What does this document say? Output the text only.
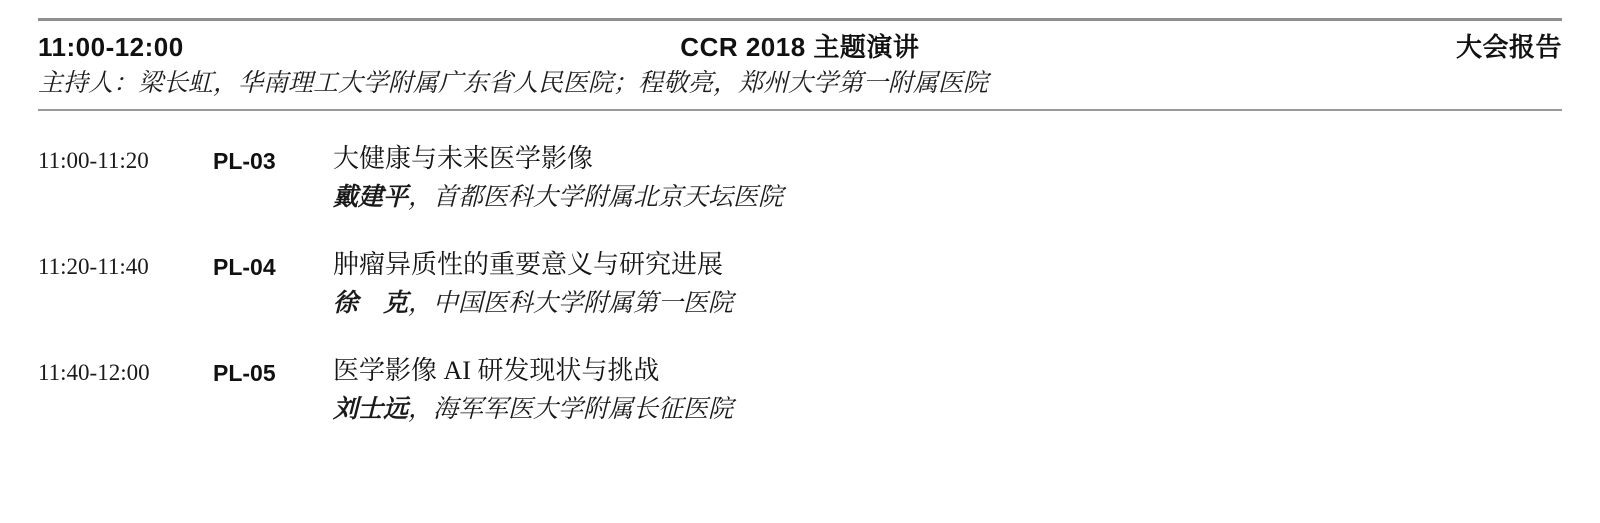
11:00-12:00	CCR 2018 主题演讲	大会报告
主持人：梁长虹，华南理工大学附属广东省人民医院；程敬亮，郑州大学第一附属医院
11:00-11:20	PL-03	大健康与未来医学影像
戴建平，首都医科大学附属北京天坛医院
11:20-11:40	PL-04	肿瘤异质性的重要意义与研究进展
徐　克，中国医科大学附属第一医院
11:40-12:00	PL-05	医学影像 AI 研发现状与挑战
刘士远，海军军医大学附属长征医院
